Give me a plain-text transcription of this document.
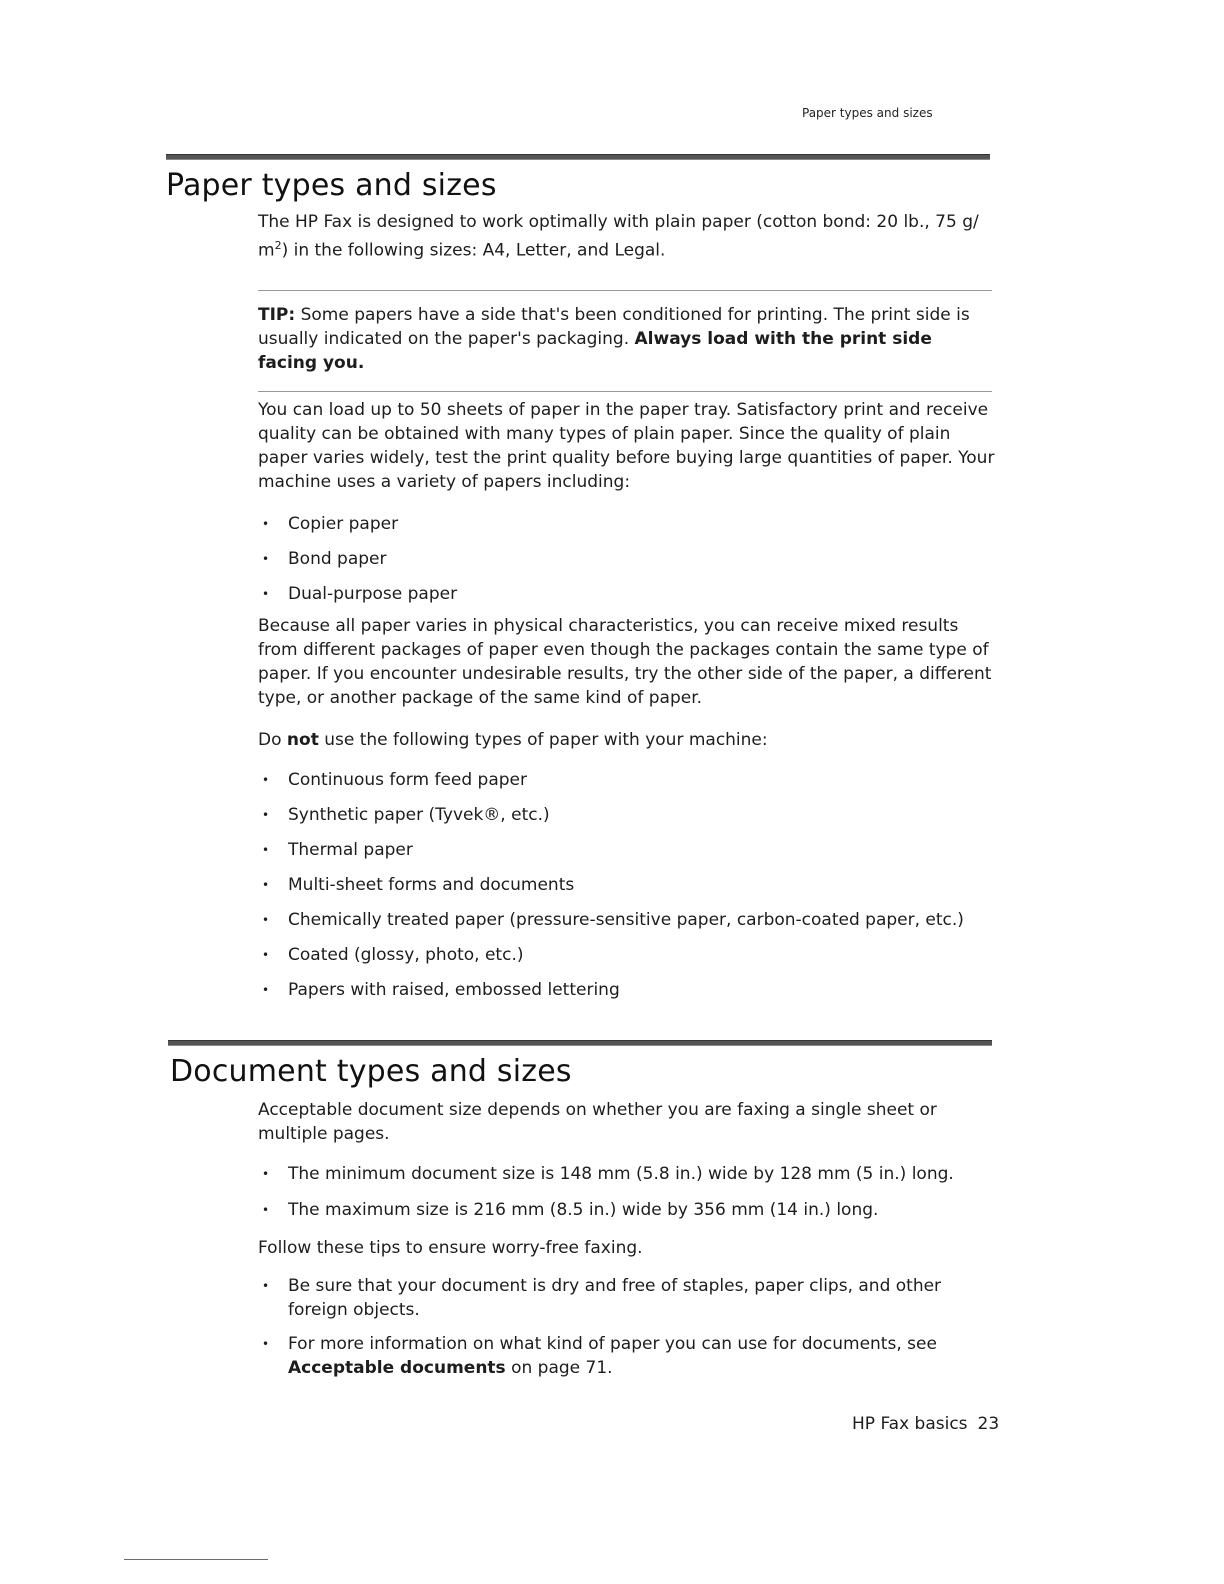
Paper types and sizes
Paper types and sizes

The HP Fax is designed to work optimally with plain paper (cotton bond: 20 lb., 75 g/ $m^2$) in the following sizes: A4, Letter, and Legal.

TIP: Some papers have a side that's been conditioned for printing. The print side is usually indicated on the paper's packaging. Always load with the print side facing you.

You can load up to 50 sheets of paper in the paper tray. Satisfactory print and receive quality can be obtained with many types of plain paper. Since the quality of plain paper varies widely, test the print quality before buying large quantities of paper. Your machine uses a variety of papers including:

• Copier paper
• Bond paper
• Dual-purpose paper

Because all paper varies in physical characteristics, you can receive mixed results from different packages of paper even though the packages contain the same type of paper. If you encounter undesirable results, try the other side of the paper, a different type, or another package of the same kind of paper.

Do not use the following types of paper with your machine:

• Continuous form feed paper
• Synthetic paper (Tyvek®, etc.)
• Thermal paper
• Multi-sheet forms and documents
• Chemically treated paper (pressure-sensitive paper, carbon-coated paper, etc.)
• Coated (glossy, photo, etc.)
• Papers with raised, embossed lettering
Document types and sizes

Acceptable document size depends on whether you are faxing a single sheet or multiple pages.

• The minimum document size is 148 mm (5.8 in.) wide by 128 mm (5 in.) long.
• The maximum size is 216 mm (8.5 in.) wide by 356 mm (14 in.) long.

Follow these tips to ensure worry-free faxing.

• Be sure that your document is dry and free of staples, paper clips, and other foreign objects.
• For more information on what kind of paper you can use for documents, see Acceptable documents on page 71.
HP Fax basics 23
